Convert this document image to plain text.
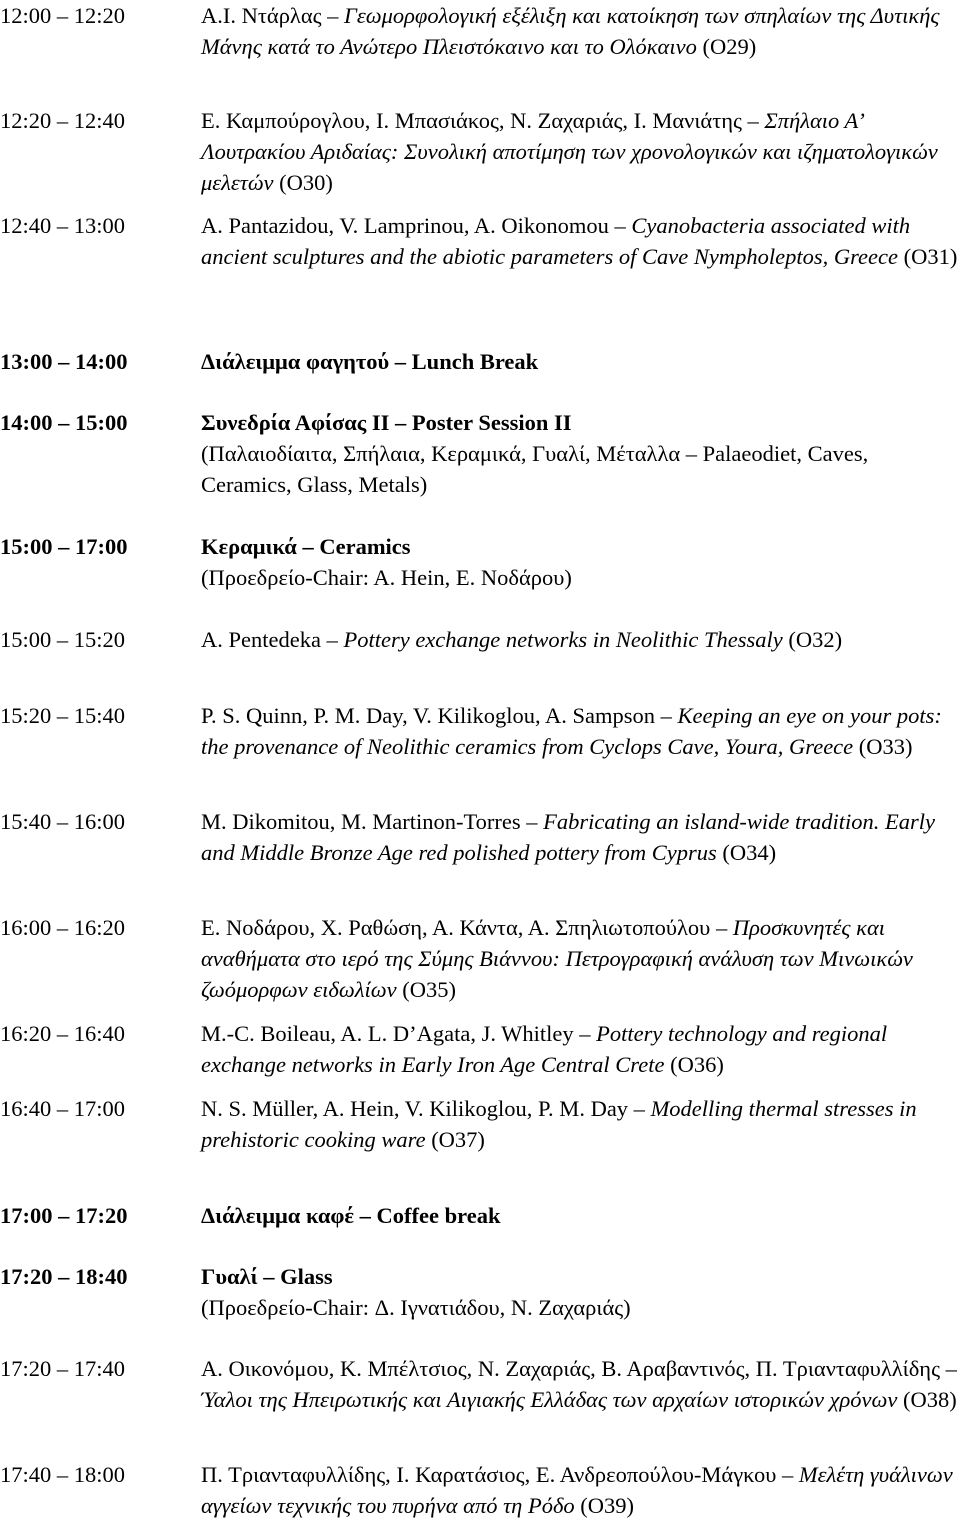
12:00 – 12:20	A.I. Ντάρλας – Γεωμορφολογική εξέλιξη και κατοίκηση των σπηλαίων της Δυτικής Μάνης κατά το Ανώτερο Πλειστόκαινο και το Ολόκαινο (Ο29)
12:20 – 12:40	Ε. Καμπούρογλου, Ι. Μπασιάκος, Ν. Ζαχαριάς, Ι. Μανιάτης – Σπήλαιο Α’ Λουτρακίου Αριδαίας: Συνολική αποτίμηση των χρονολογικών και ιζηματολογικών μελετών (Ο30)
12:40 – 13:00	A. Pantazidou, V. Lamprinou, A. Oikonomou – Cyanobacteria associated with ancient sculptures and the abiotic parameters of Cave Nympholeptos, Greece (O31)
13:00 – 14:00	Διάλειμμα φαγητού – Lunch Break
14:00 – 15:00	Συνεδρία Αφίσας ΙΙ – Poster Session II
(Παλαιοδίαιτα, Σπήλαια, Κεραμικά, Γυαλί, Μέταλλα – Palaeodiet, Caves, Ceramics, Glass, Metals)
15:00 – 17:00	Κεραμικά – Ceramics
(Προεδρείο-Chair: A. Hein, Ε. Νοδάρου)
15:00 – 15:20	A. Pentedeka – Pottery exchange networks in Neolithic Thessaly (O32)
15:20 – 15:40	P. S. Quinn, P. M. Day, V. Kilikoglou, A. Sampson – Keeping an eye on your pots: the provenance of Neolithic ceramics from Cyclops Cave, Youra, Greece (O33)
15:40 – 16:00	M. Dikomitou, M. Martinon-Torres – Fabricating an island-wide tradition. Early and Middle Bronze Age red polished pottery from Cyprus (O34)
16:00 – 16:20	Ε. Νοδάρου, Χ. Ραθώση, Α. Κάντα, Α. Σπηλιωτοπούλου – Προσκυνητές και αναθήματα στο ιερό της Σύμης Βιάννου: Πετρογραφική ανάλυση των Μινωικών ζωόμορφων ειδωλίων (Ο35)
16:20 – 16:40	M.-C. Boileau, A. L. D’Agata, J. Whitley – Pottery technology and regional exchange networks in Early Iron Age Central Crete (O36)
16:40 – 17:00	N. S. Müller, A. Hein, V. Kilikoglou, P. M. Day – Modelling thermal stresses in prehistoric cooking ware (O37)
17:00 – 17:20	Διάλειμμα καφέ – Coffee break
17:20 – 18:40	Γυαλί – Glass
(Προεδρείο-Chair: Δ. Ιγνατιάδου, Ν. Ζαχαριάς)
17:20 – 17:40	Α. Οικονόμου, Κ. Μπέλτσιος, Ν. Ζαχαριάς, Β. Αραβαντινός, Π. Τριανταφυλλίδης – Ύαλοι της Ηπειρωτικής και Αιγιακής Ελλάδας των αρχαίων ιστορικών χρόνων (Ο38)
17:40 – 18:00	Π. Τριανταφυλλίδης, Ι. Καρατάσιος, Ε. Ανδρεοπούλου-Μάγκου – Μελέτη γυάλινων αγγείων τεχνικής του πυρήνα από τη Ρόδο (Ο39)
